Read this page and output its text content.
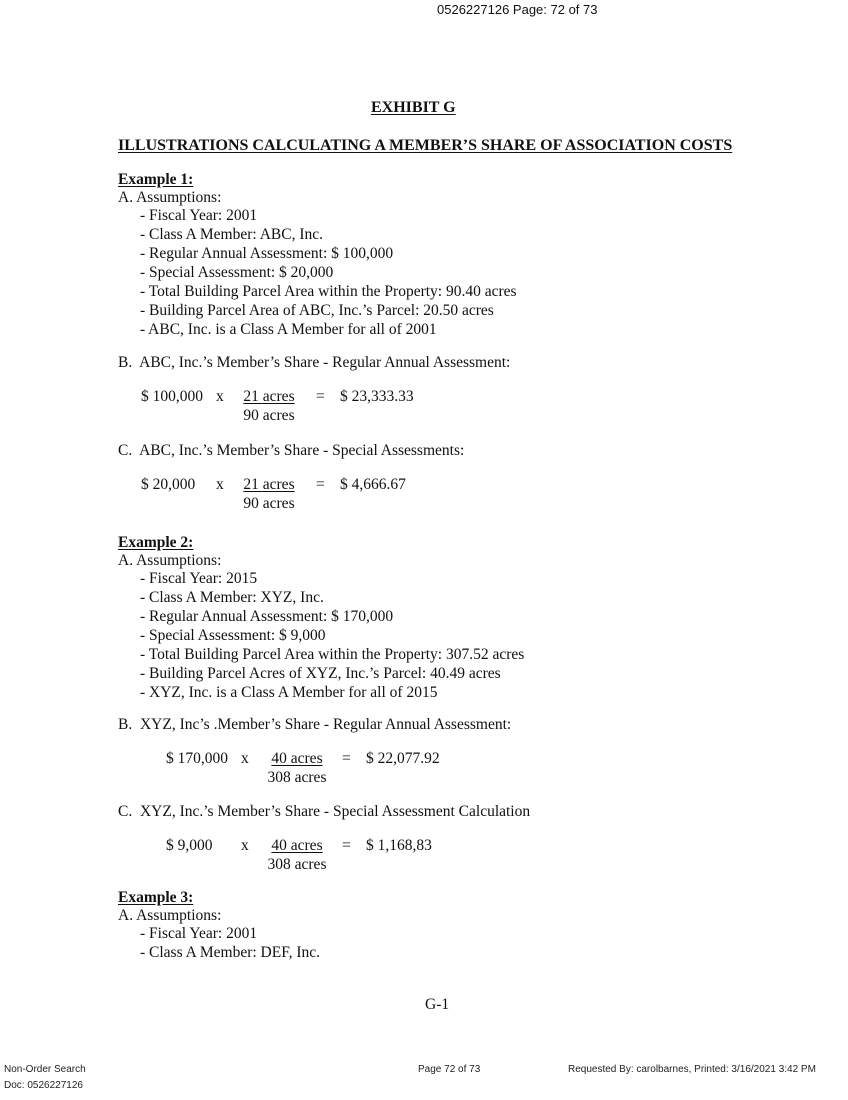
0526227126 Page: 72 of 73
EXHIBIT G
ILLUSTRATIONS CALCULATING A MEMBER’S SHARE OF ASSOCIATION COSTS
Example 1:
A. Assumptions:
- Fiscal Year: 2001
- Class A Member: ABC, Inc.
- Regular Annual Assessment: $ 100,000
- Special Assessment: $ 20,000
- Total Building Parcel Area within the Property: 90.40 acres
- Building Parcel Area of ABC, Inc.’s Parcel: 20.50 acres
- ABC, Inc. is a Class A Member for all of 2001
B. ABC, Inc.’s Member’s Share - Regular Annual Assessment:
$ 100,000 x	21 acres
90 acres
= $ 23,333.33
C. ABC, Inc.’s Member’s Share - Special Assessments:
$ 20,000 x	21 acres
90 acres
= $ 4,666.67
Example 2:
A. Assumptions:
- Fiscal Year: 2015
- Class A Member: XYZ, Inc.
- Regular Annual Assessment: $ 170,000
- Special Assessment: $ 9,000
- Total Building Parcel Area within the Property: 307.52 acres
- Building Parcel Acres of XYZ, Inc.’s Parcel: 40.49 acres
- XYZ, Inc. is a Class A Member for all of 2015
B. XYZ, Inc’s .Member’s Share - Regular Annual Assessment:
$ 170,000 x	40 acres
308 acres
= $ 22,077.92
C. XYZ, Inc.’s Member’s Share - Special Assessment Calculation
$ 9,000 x	40 acres
308 acres
= $ 1,168,83
Example 3:
A. Assumptions:
- Fiscal Year: 2001
- Class A Member: DEF, Inc.
G-1
Non-Order Search
Doc: 0526227126
Page 72 of 73	Requested By: carolbarnes, Printed: 3/16/2021 3:42 PM
